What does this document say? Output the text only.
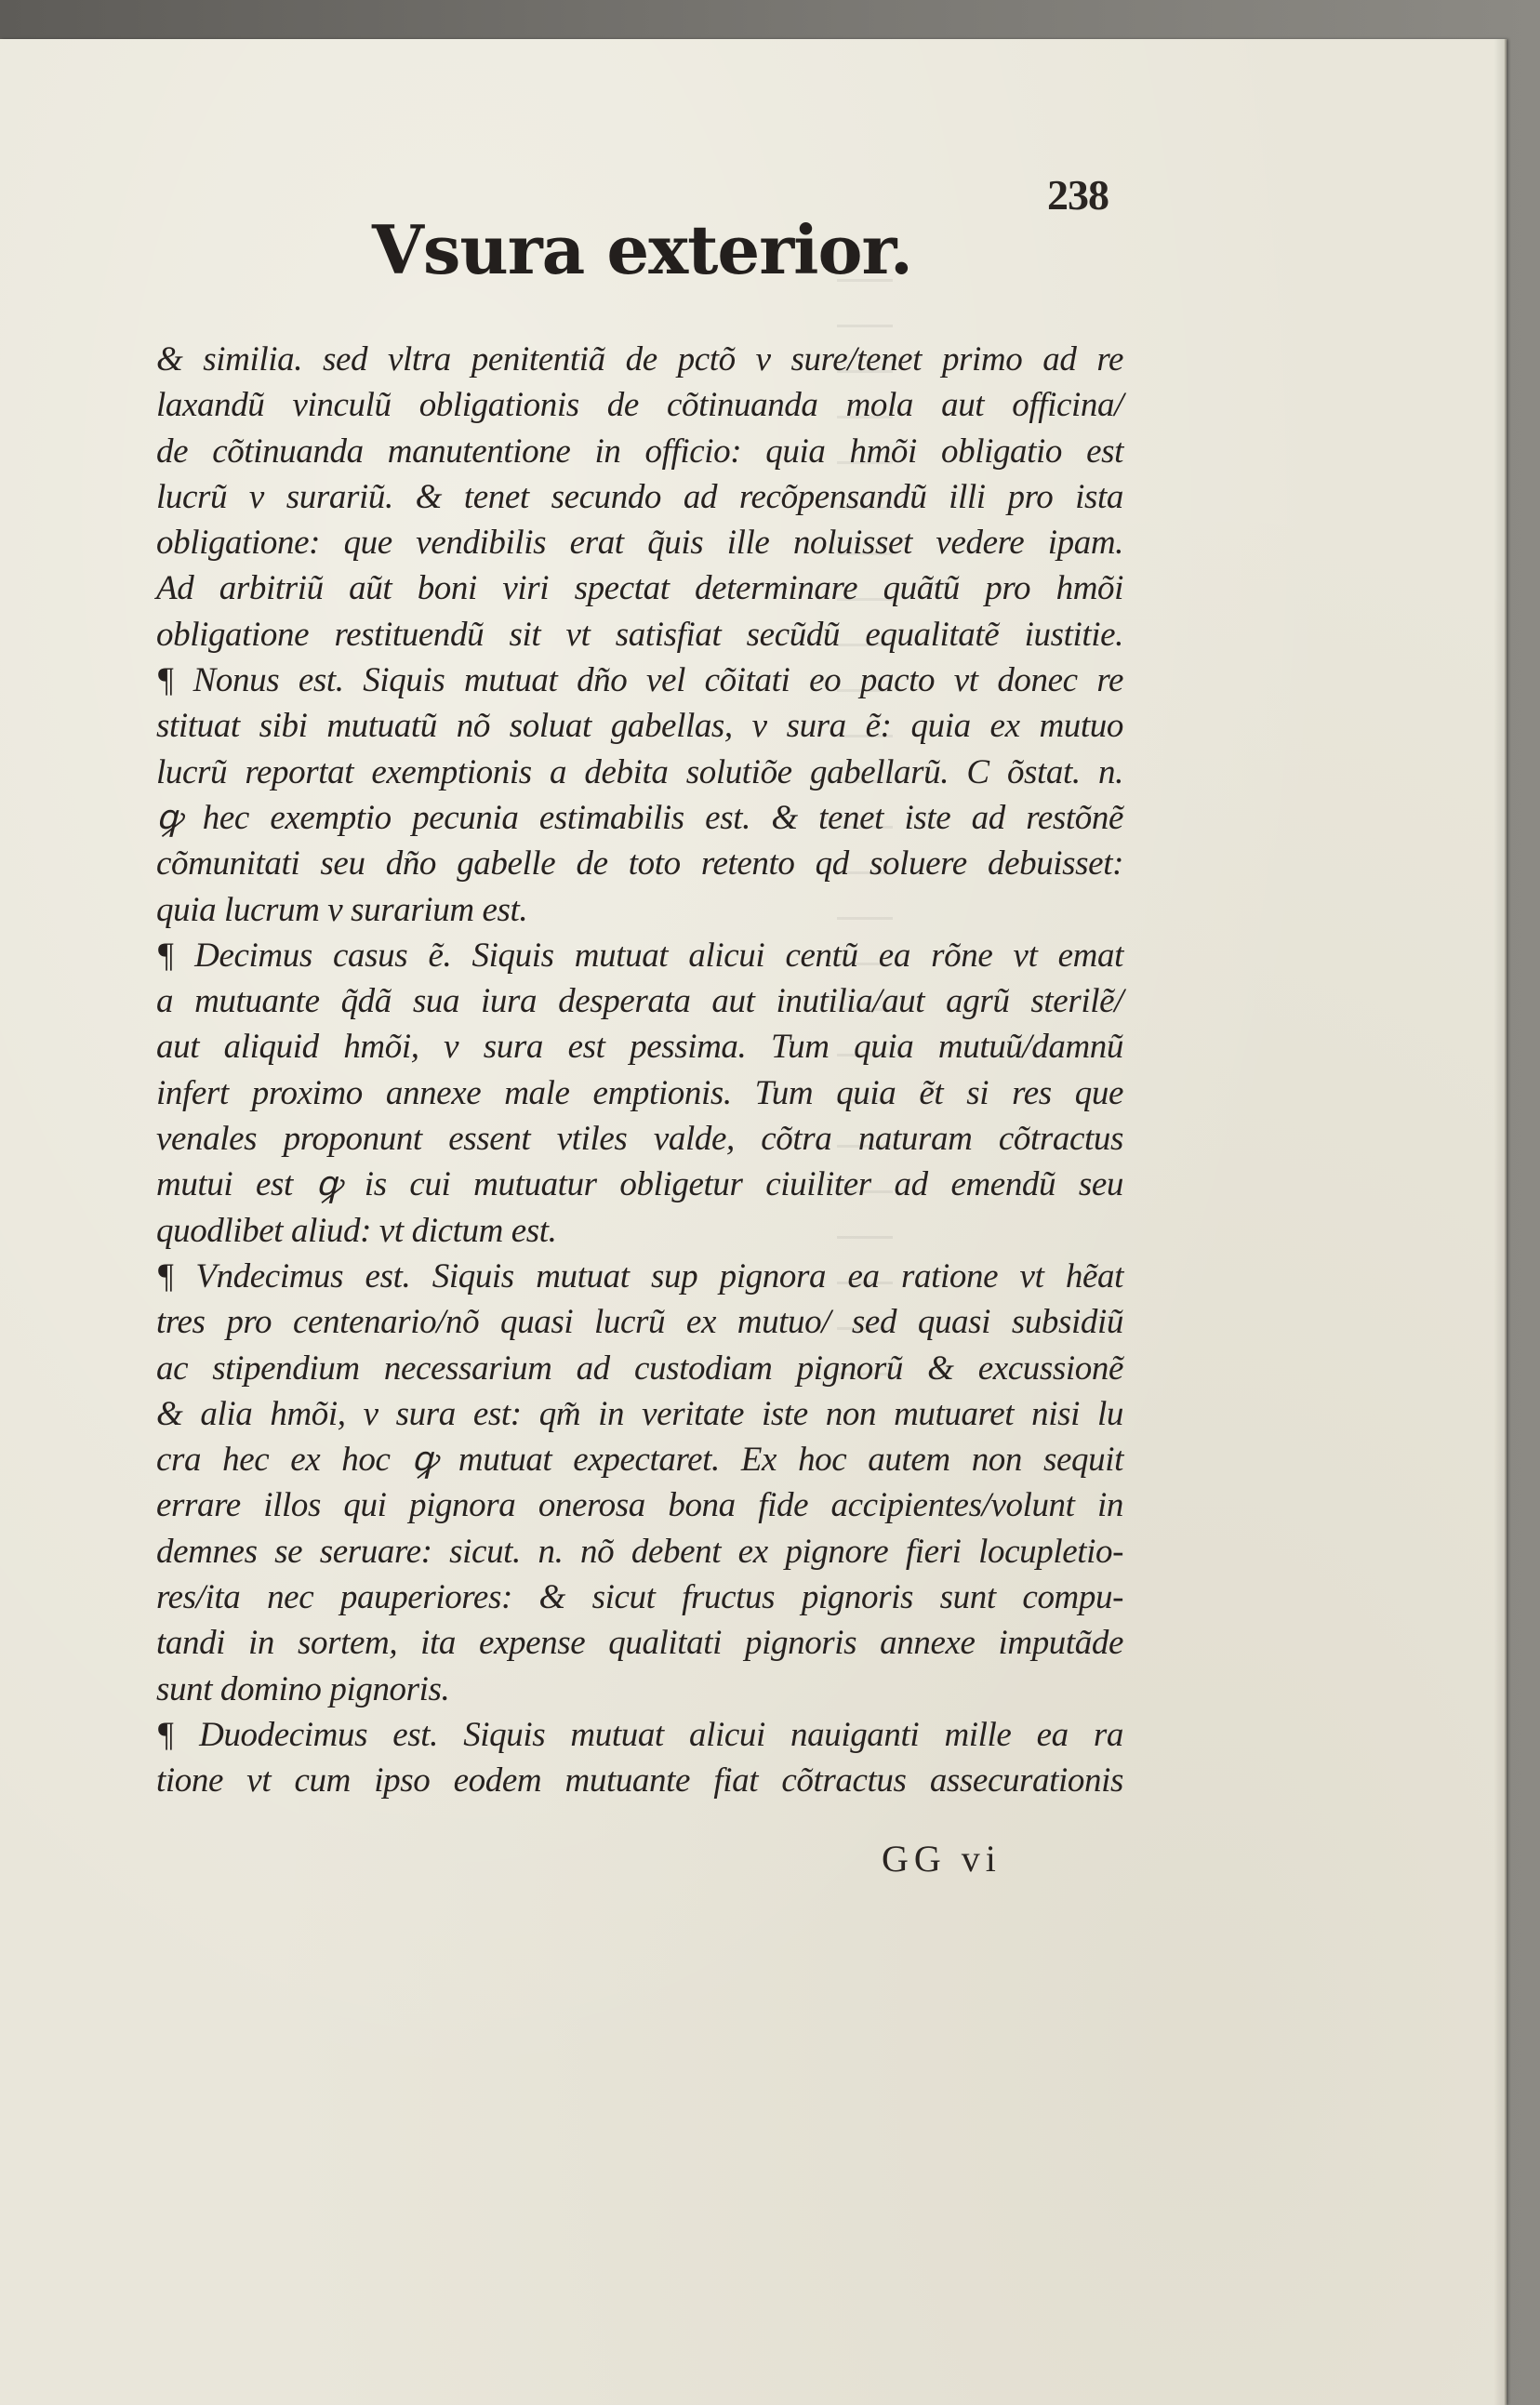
238
Vsura exterior.
& similia. sed vltra penitentiã de pctõ v sure/tenet primo ad re
laxandũ vinculũ obligationis de cõtinuanda mola aut officina/
de cõtinuanda manutentione in officio: quia hmõi obligatio est
lucrũ v surariũ. & tenet secundo ad recõpensandũ illi pro ista
obligatione: que vendibilis erat q̃uis ille noluisset vedere ipam.
Ad arbitriũ aũt boni viri spectat determinare quãtũ pro hmõi
obligatione restituendũ sit vt satisfiat secũdũ equalitatẽ iustitie.
¶ Nonus est. Siquis mutuat dño vel cõitati eo pacto vt donec re
stituat sibi mutuatũ nõ soluat gabellas, v sura ẽ: quia ex mutuo
lucrũ reportat exemptionis a debita solutiõe gabellarũ. C õstat. n.
ꝙ hec exemptio pecunia estimabilis est. & tenet iste ad restõnẽ
cõmunitati seu dño gabelle de toto retento qd soluere debuisset:
quia lucrum v surarium est.
¶ Decimus casus ẽ. Siquis mutuat alicui centũ ea rõne vt emat
a mutuante q̃dã sua iura desperata aut inutilia/aut agrũ sterilẽ/
aut aliquid hmõi, v sura est pessima. Tum quia mutuũ/damnũ
infert proximo annexe male emptionis. Tum quia ẽt si res que
venales proponunt essent vtiles valde, cõtra naturam cõtractus
mutui est ꝙ is cui mutuatur obligetur ciuiliter ad emendũ seu
quodlibet aliud: vt dictum est.
¶ Vndecimus est. Siquis mutuat sup pignora ea ratione vt hẽat
tres pro centenario/nõ quasi lucrũ ex mutuo/ sed quasi subsidiũ
ac stipendium necessarium ad custodiam pignorũ & excussionẽ
& alia hmõi, v sura est: qm̃ in veritate iste non mutuaret nisi lu
cra hec ex hoc ꝙ mutuat expectaret. Ex hoc autem non sequit
errare illos qui pignora onerosa bona fide accipientes/volunt in
demnes se seruare: sicut. n. nõ debent ex pignore fieri locupletio-
res/ita nec pauperiores: & sicut fructus pignoris sunt compu-
tandi in sortem, ita expense qualitati pignoris annexe imputãde
sunt domino pignoris.
¶ Duodecimus est. Siquis mutuat alicui nauiganti mille ea ra
tione vt cum ipso eodem mutuante fiat cõtractus assecurationis
GG vi
